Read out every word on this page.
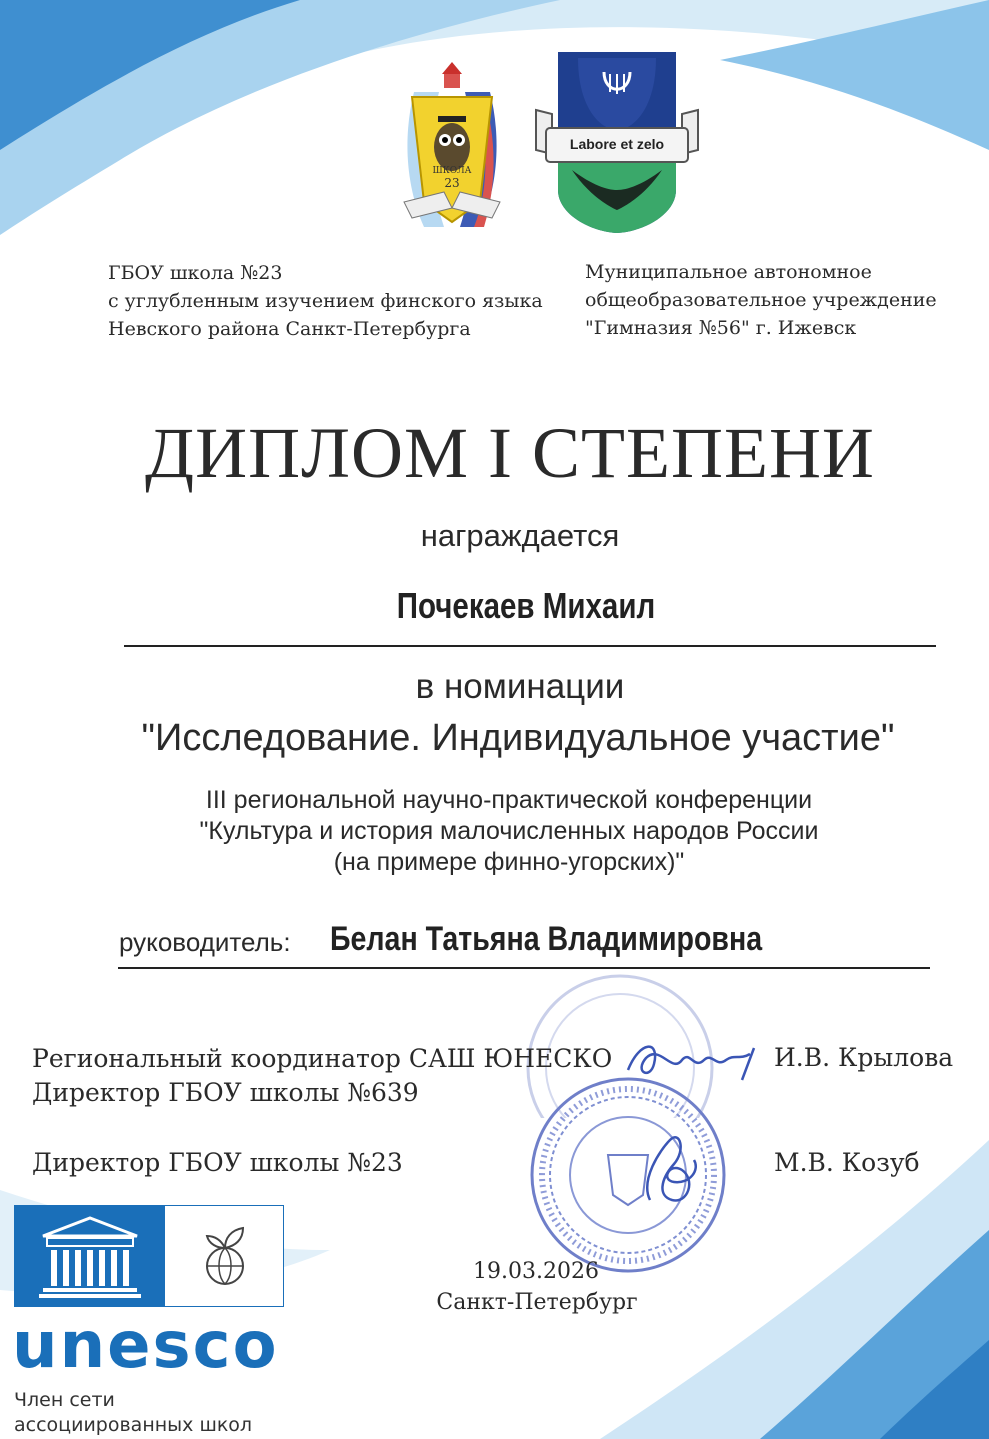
ШКОЛА
23
Labore et zelo
ГБОУ школа №23
с углубленным изучением финского языка
Невского района Санкт-Петербурга
Муниципальное автономное
общеобразовательное учреждение
"Гимназия №56" г. Ижевск
ДИПЛОМ I СТЕПЕНИ
награждается
Почекаев Михаил
в номинации
"Исследование. Индивидуальное участие"
III региональной научно-практической конференции
"Культура и история малочисленных народов России
(на примере финно-угорских)"
руководитель: Белан Татьяна Владимировна
Региональный координатор САШ ЮНЕСКО
Директор ГБОУ школы №639
И.В. Крылова
Директор ГБОУ школы №23	М.В. Козуб
19.03.2026
Санкт-Петербург
unesco
Член сети
ассоциированных школ
